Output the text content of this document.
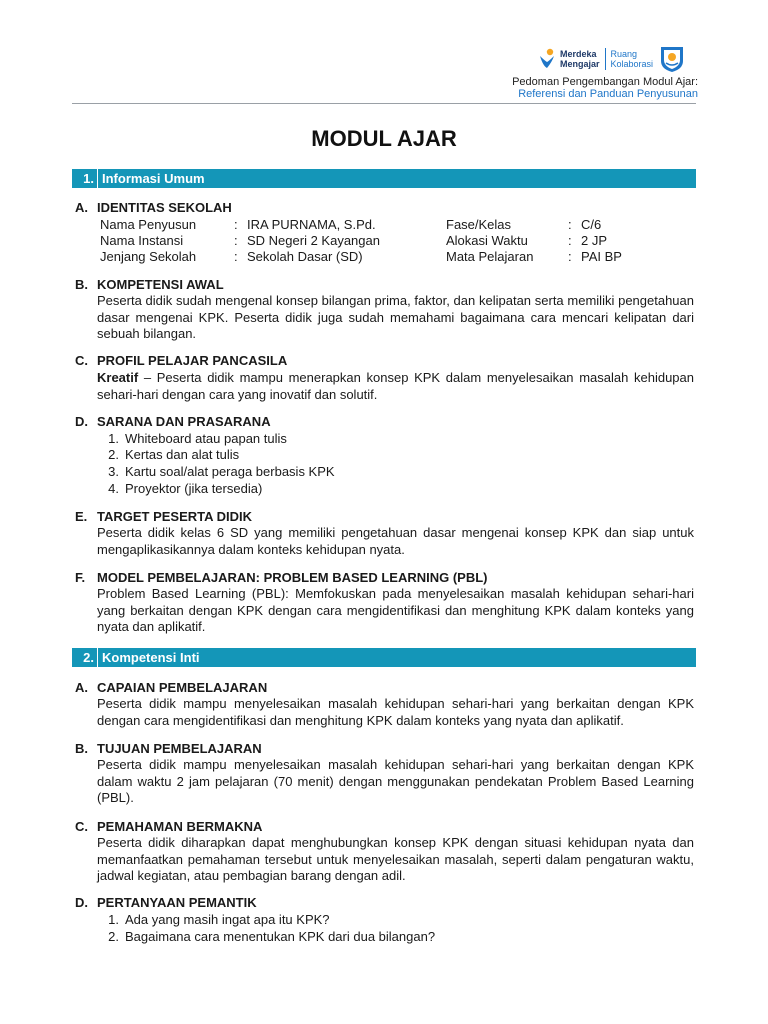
Merdeka
Mengajar
Ruang
Kolaborasi
Pedoman Pengembangan Modul Ajar:
Referensi dan Panduan Penyusunan
MODUL AJAR
1. Informasi Umum
A. IDENTITAS SEKOLAH
Nama Penyusun	: IRA PURNAMA, S.Pd.	Fase/Kelas	: C/6
Nama Instansi	: SD Negeri 2 Kayangan	Alokasi Waktu	: 2 JP
Jenjang Sekolah	: Sekolah Dasar (SD)	Mata Pelajaran	: PAI BP
B. KOMPETENSI AWAL
Peserta didik sudah mengenal konsep bilangan prima, faktor, dan kelipatan serta memiliki pengetahuan dasar mengenai KPK. Peserta didik juga sudah memahami bagaimana cara mencari kelipatan dari sebuah bilangan.
C. PROFIL PELAJAR PANCASILA
Kreatif – Peserta didik mampu menerapkan konsep KPK dalam menyelesaikan masalah kehidupan sehari-hari dengan cara yang inovatif dan solutif.
D. SARANA DAN PRASARANA
1. Whiteboard atau papan tulis
2. Kertas dan alat tulis
3. Kartu soal/alat peraga berbasis KPK
4. Proyektor (jika tersedia)
E. TARGET PESERTA DIDIK
Peserta didik kelas 6 SD yang memiliki pengetahuan dasar mengenai konsep KPK dan siap untuk mengaplikasikannya dalam konteks kehidupan nyata.
F. MODEL PEMBELAJARAN: PROBLEM BASED LEARNING (PBL)
Problem Based Learning (PBL): Memfokuskan pada menyelesaikan masalah kehidupan sehari-hari yang berkaitan dengan KPK dengan cara mengidentifikasi dan menghitung KPK dalam konteks yang nyata dan aplikatif.
2. Kompetensi Inti
A. CAPAIAN PEMBELAJARAN
Peserta didik mampu menyelesaikan masalah kehidupan sehari-hari yang berkaitan dengan KPK dengan cara mengidentifikasi dan menghitung KPK dalam konteks yang nyata dan aplikatif.
B. TUJUAN PEMBELAJARAN
Peserta didik mampu menyelesaikan masalah kehidupan sehari-hari yang berkaitan dengan KPK dalam waktu 2 jam pelajaran (70 menit) dengan menggunakan pendekatan Problem Based Learning (PBL).
C. PEMAHAMAN BERMAKNA
Peserta didik diharapkan dapat menghubungkan konsep KPK dengan situasi kehidupan nyata dan memanfaatkan pemahaman tersebut untuk menyelesaikan masalah, seperti dalam pengaturan waktu, jadwal kegiatan, atau pembagian barang dengan adil.
D. PERTANYAAN PEMANTIK
1. Ada yang masih ingat apa itu KPK?
2. Bagaimana cara menentukan KPK dari dua bilangan?
